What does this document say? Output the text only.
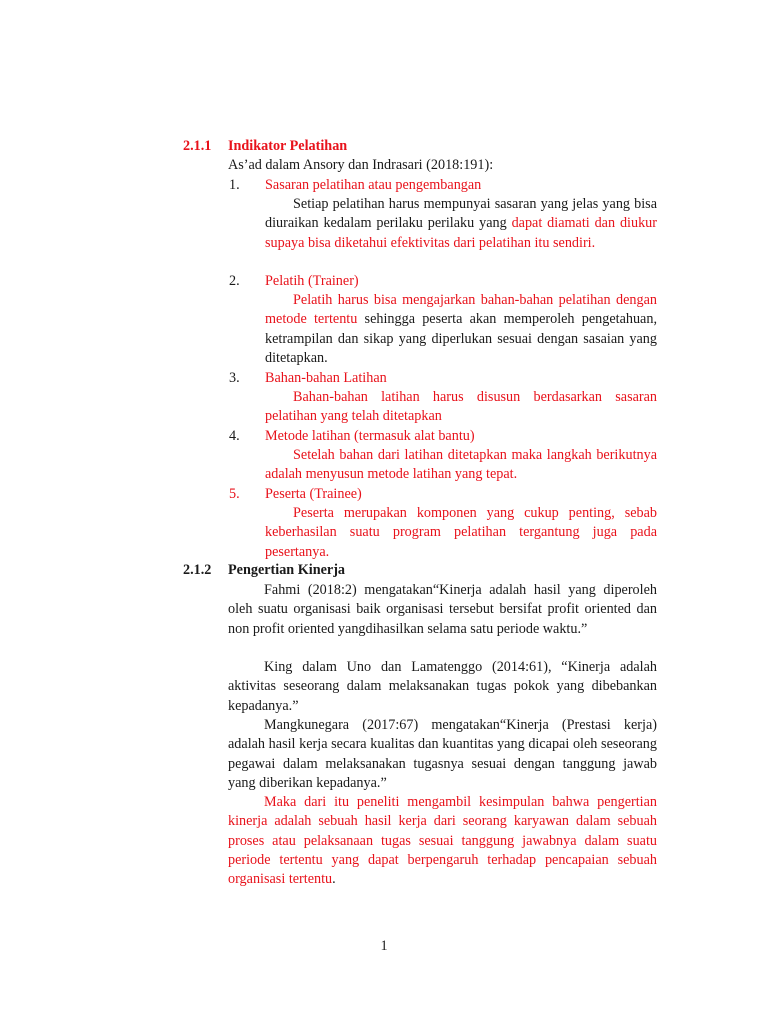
2.1.1 Indikator Pelatihan
As’ad dalam Ansory dan Indrasari (2018:191):
1. Sasaran pelatihan atau pengembangan
Setiap pelatihan harus mempunyai sasaran yang jelas yang bisa diuraikan kedalam perilaku perilaku yang dapat diamati dan diukur supaya bisa diketahui efektivitas dari pelatihan itu sendiri.
2. Pelatih (Trainer)
Pelatih harus bisa mengajarkan bahan-bahan pelatihan dengan metode tertentu sehingga peserta akan memperoleh pengetahuan, ketrampilan dan sikap yang diperlukan sesuai dengan sasaian yang ditetapkan.
3. Bahan-bahan Latihan
Bahan-bahan latihan harus disusun berdasarkan sasaran pelatihan yang telah ditetapkan
4. Metode latihan (termasuk alat bantu)
Setelah bahan dari latihan ditetapkan maka langkah berikutnya adalah menyusun metode latihan yang tepat.
5. Peserta (Trainee)
Peserta merupakan komponen yang cukup penting, sebab keberhasilan suatu program pelatihan tergantung juga pada pesertanya.
2.1.2 Pengertian Kinerja
Fahmi (2018:2) mengatakan“Kinerja adalah hasil yang diperoleh oleh suatu organisasi baik organisasi tersebut bersifat profit oriented dan non profit oriented yangdihasilkan selama satu periode waktu.”
King dalam Uno dan Lamatenggo (2014:61), “Kinerja adalah aktivitas seseorang dalam melaksanakan tugas pokok yang dibebankan kepadanya.”
Mangkunegara (2017:67) mengatakan“Kinerja (Prestasi kerja) adalah hasil kerja secara kualitas dan kuantitas yang dicapai oleh seseorang pegawai dalam melaksanakan tugasnya sesuai dengan tanggung jawab yang diberikan kepadanya.”
Maka dari itu peneliti mengambil kesimpulan bahwa pengertian kinerja adalah sebuah hasil kerja dari seorang karyawan dalam sebuah proses atau pelaksanaan tugas sesuai tanggung jawabnya dalam suatu periode tertentu yang dapat berpengaruh terhadap pencapaian sebuah organisasi tertentu.
1
